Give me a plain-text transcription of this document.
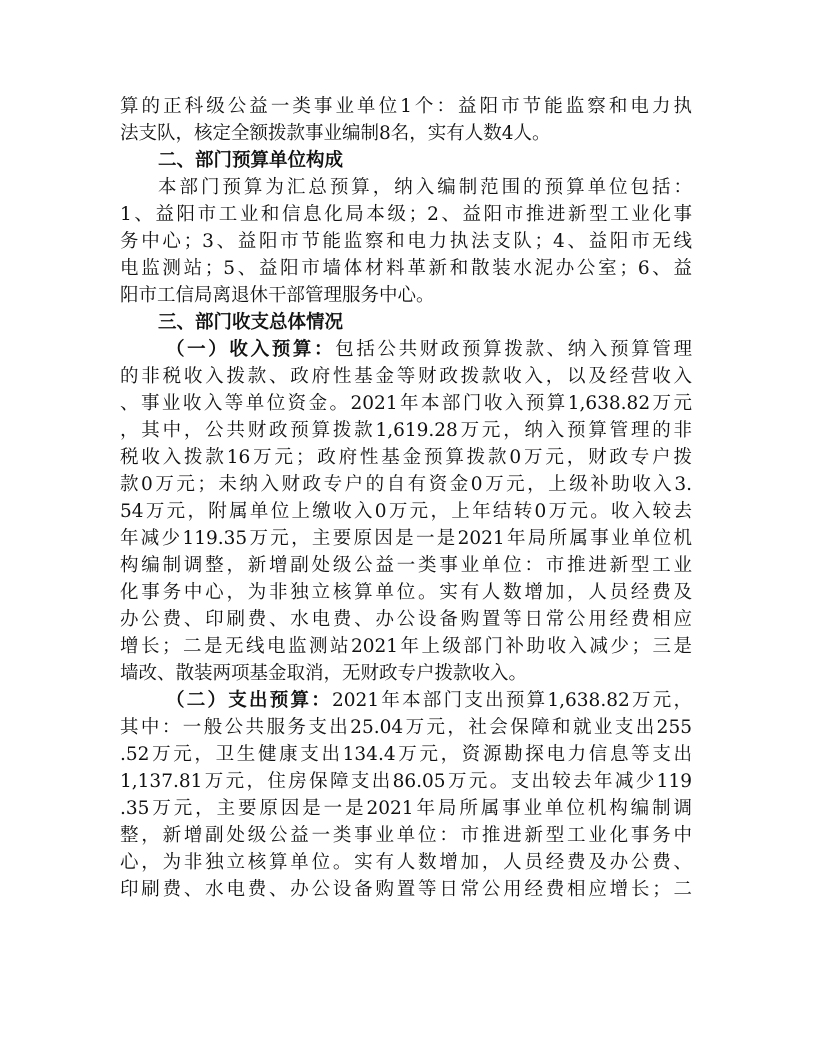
算的正科级公益一类事业单位1个：益阳市节能监察和电力执
法支队，核定全额拨款事业编制8名，实有人数4人。
二、部门预算单位构成
本部门预算为汇总预算，纳入编制范围的预算单位包括：
1、益阳市工业和信息化局本级；2、益阳市推进新型工业化事
务中心；3、益阳市节能监察和电力执法支队；4、益阳市无线
电监测站；5、益阳市墙体材料革新和散装水泥办公室；6、益
阳市工信局离退休干部管理服务中心。
三、部门收支总体情况
（一）收入预算：包括公共财政预算拨款、纳入预算管理
的非税收入拨款、政府性基金等财政拨款收入，以及经营收入
、事业收入等单位资金。2021年本部门收入预算1,638.82万元
，其中，公共财政预算拨款1,619.28万元，纳入预算管理的非
税收入拨款16万元；政府性基金预算拨款0万元，财政专户拨
款0万元；未纳入财政专户的自有资金0万元，上级补助收入3.
54万元，附属单位上缴收入0万元，上年结转0万元。收入较去
年减少119.35万元，主要原因是一是2021年局所属事业单位机
构编制调整，新增副处级公益一类事业单位：市推进新型工业
化事务中心，为非独立核算单位。实有人数增加，人员经费及
办公费、印刷费、水电费、办公设备购置等日常公用经费相应
增长；二是无线电监测站2021年上级部门补助收入减少；三是
墙改、散装两项基金取消，无财政专户拨款收入。
（二）支出预算：2021年本部门支出预算1,638.82万元，
其中：一般公共服务支出25.04万元，社会保障和就业支出255
.52万元，卫生健康支出134.4万元，资源勘探电力信息等支出
1,137.81万元，住房保障支出86.05万元。支出较去年减少119
.35万元，主要原因是一是2021年局所属事业单位机构编制调
整，新增副处级公益一类事业单位：市推进新型工业化事务中
心，为非独立核算单位。实有人数增加，人员经费及办公费、
印刷费、水电费、办公设备购置等日常公用经费相应增长；二
